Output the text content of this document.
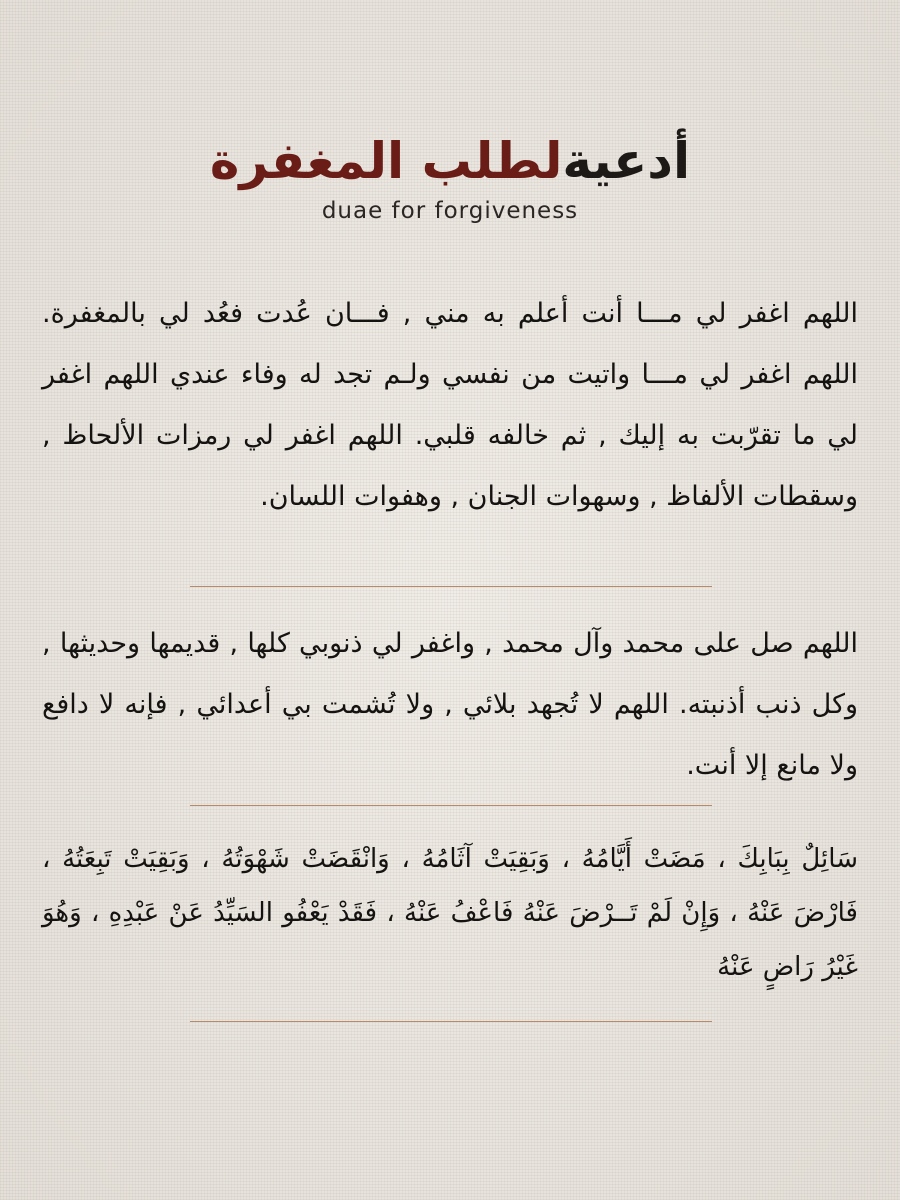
أدعيةلطلب المغفرة
duae for forgiveness

اللهم اغفر لي مـــا أنت أعلم به مني , فـــان عُدت فعُد لي بالمغفرة. اللهم اغفر لي مـــا واتيت من نفسي ولـم تجد له وفاء عندي اللهم اغفر لي ما تقرّبت به إليك , ثم خالفه قلبي. اللهم اغفر لي رمزات الألحاظ , وسقطات الألفاظ , وسهوات الجنان , وهفوات اللسان.

اللهم صل على محمد وآل محمد , واغفر لي ذنوبي كلها , قديمها وحديثها , وكل ذنب أذنبته. اللهم لا تُجهد بلائي , ولا تُشمت بي أعدائي , فإنه لا دافع ولا مانع إلا أنت.

سَائِلٌ بِبَابِكَ ، مَضَتْ أَيَّامُهُ ، وَبَقِيَتْ آثَامُهُ ، وَانْقَضَتْ شَهْوَتُهُ ، وَبَقِيَتْ تَبِعَتُهُ ، فَارْضَ عَنْهُ ، وَإِنْ لَمْ تَــرْضَ عَنْهُ فَاعْفُ عَنْهُ ، فَقَدْ يَعْفُو السَيِّدُ عَنْ عَبْدِهِ ، وَهُوَ غَيْرُ رَاضٍ عَنْهُ
